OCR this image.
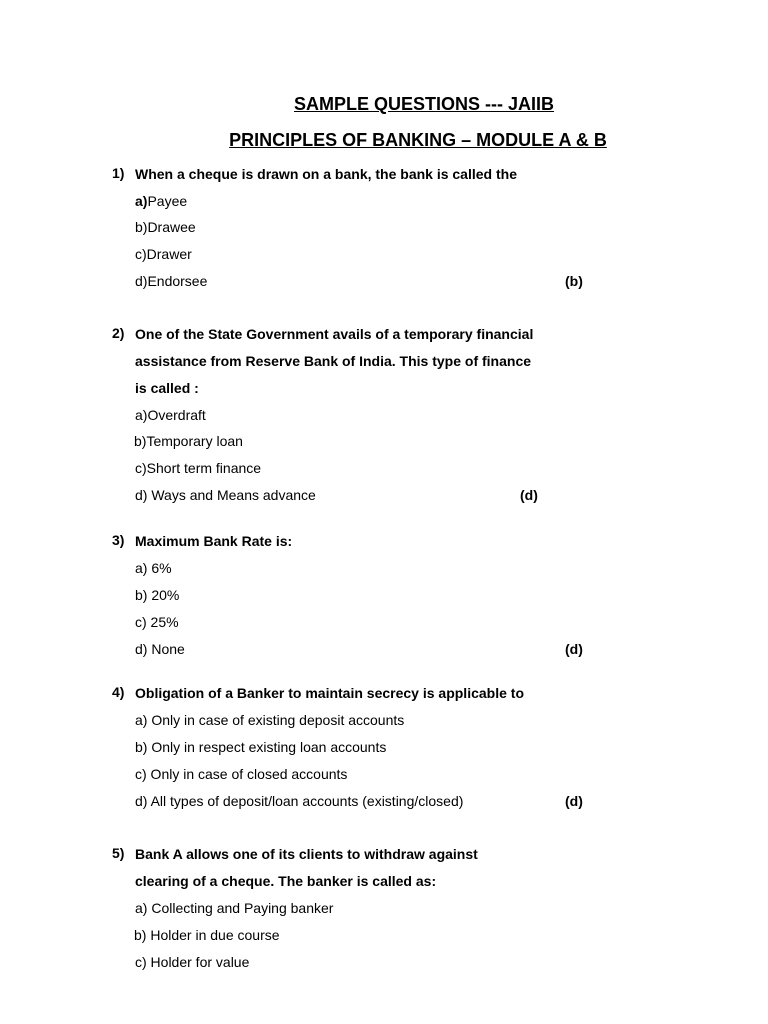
SAMPLE QUESTIONS --- JAIIB
PRINCIPLES OF BANKING – MODULE A & B
1) When a cheque is drawn on a bank, the bank is called the
a)Payee
b)Drawee
c)Drawer
d)Endorsee	(b)
2) One of the State Government avails of a temporary financial
assistance from Reserve Bank of India. This type of finance
is called :
a)Overdraft
b)Temporary loan
c)Short term finance
d) Ways and Means advance	(d)
3) Maximum Bank Rate is:
a) 6%
b) 20%
c) 25%
d) None	(d)
4) Obligation of a Banker to maintain secrecy is applicable to
a) Only in case of existing deposit accounts
b) Only in respect existing loan accounts
c) Only in case of closed accounts
d) All types of deposit/loan accounts (existing/closed)	(d)
5) Bank A allows one of its clients to withdraw against
clearing of a cheque. The banker is called as:
a) Collecting and Paying banker
b) Holder in due course
c) Holder for value
